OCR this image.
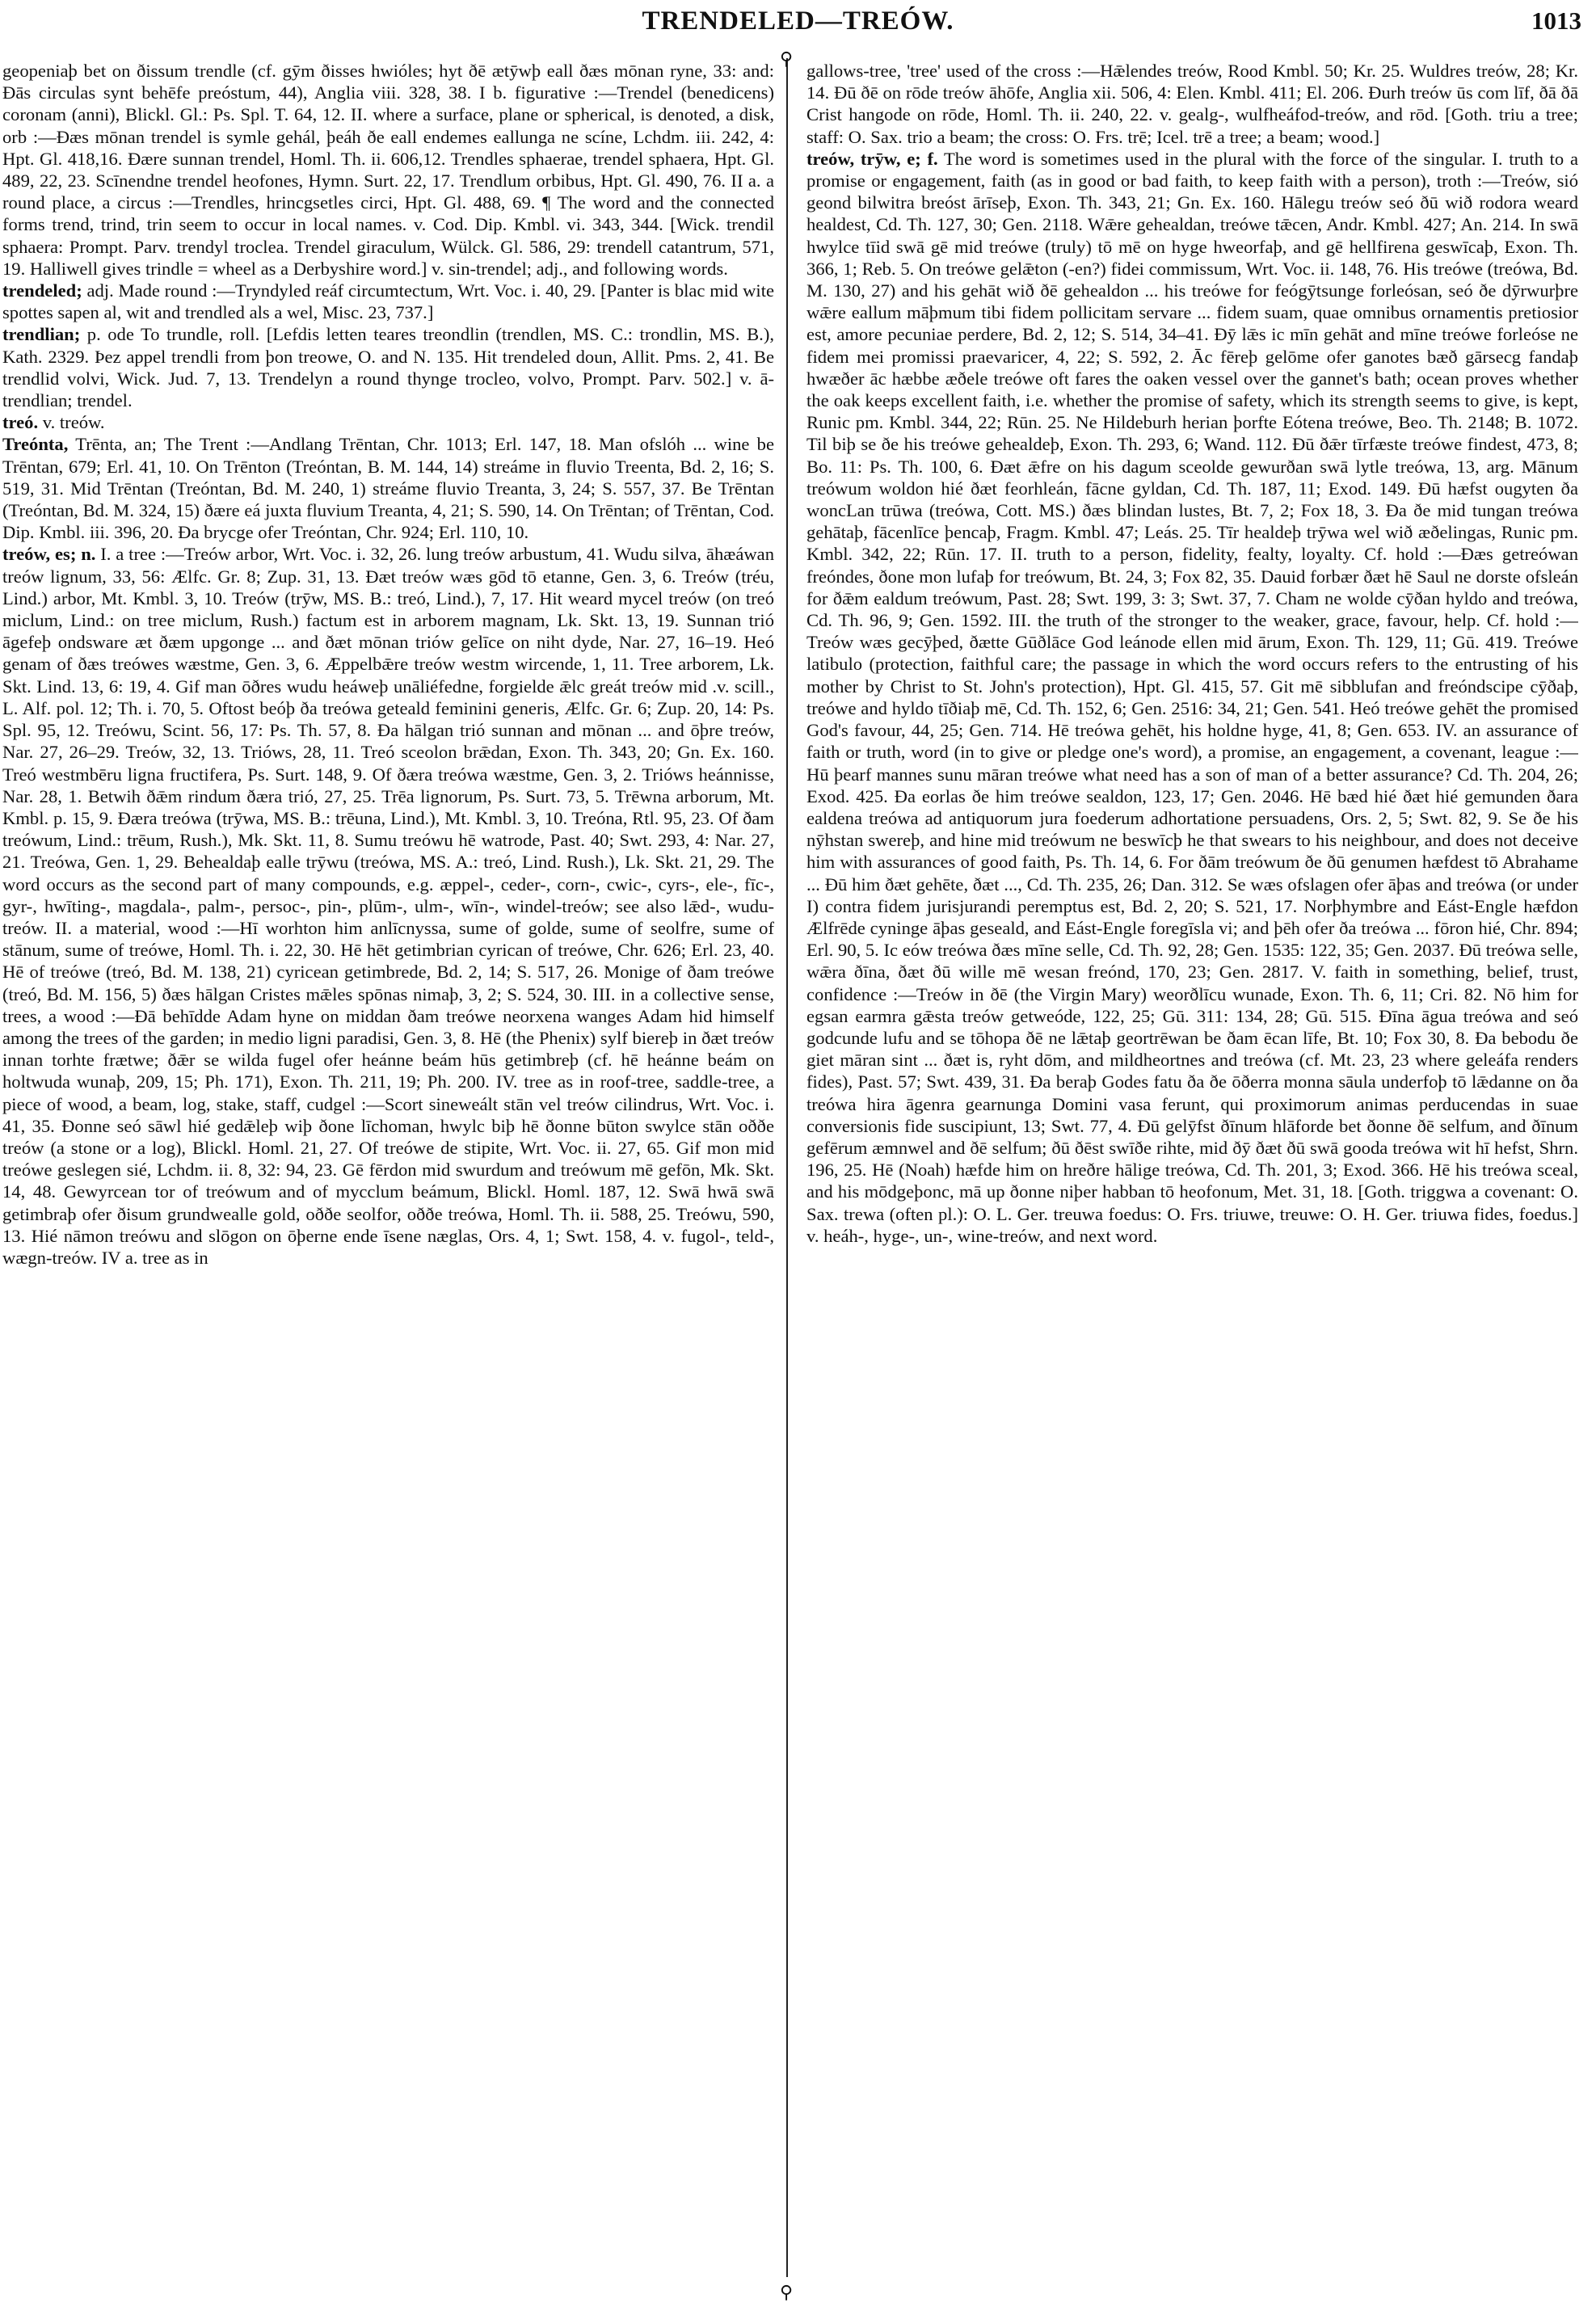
TRENDELED—TREÓW.	1013
⚲
⚲

geopeniaþ bet on ðissum trendle (cf. gȳm ðisses hwióles; hyt ðē ætȳwþ eall ðæs mōnan ryne, 33: and: Ðās circulas synt behēfe preóstum, 44), Anglia viii. 328, 38. I b. figurative :—Trendel (benedicens) coronam (anni), Blickl. Gl.: Ps. Spl. T. 64, 12. II. where a surface, plane or spherical, is denoted, a disk, orb :—Ðæs mōnan trendel is symle gehál, þeáh ðe eall endemes eallunga ne scíne, Lchdm. iii. 242, 4: Hpt. Gl. 418,16. Ðære sunnan trendel, Homl. Th. ii. 606,12. Trendles sphaerae, trendel sphaera, Hpt. Gl. 489, 22, 23. Scīnendne trendel heofones, Hymn. Surt. 22, 17. Trendlum orbibus, Hpt. Gl. 490, 76. II a. a round place, a circus :—Trendles, hrincgsetles circi, Hpt. Gl. 488, 69. ¶ The word and the connected forms trend, trind, trin seem to occur in local names. v. Cod. Dip. Kmbl. vi. 343, 344. [Wick. trendil sphaera: Prompt. Parv. trendyl troclea. Trendel giraculum, Wülck. Gl. 586, 29: trendell catantrum, 571, 19. Halliwell gives trindle = wheel as a Derbyshire word.] v. sin-trendel; adj., and following words.

trendeled; adj. Made round :—Tryndyled reáf circumtectum, Wrt. Voc. i. 40, 29. [Panter is blac mid wite spottes sapen al, wit and trendled als a wel, Misc. 23, 737.]

trendlian; p. ode To trundle, roll. [Lefdis letten teares treondlin (trendlen, MS. C.: trondlin, MS. B.), Kath. 2329. Þez appel trendli from þon treowe, O. and N. 135. Hit trendeled doun, Allit. Pms. 2, 41. Be trendlid volvi, Wick. Jud. 7, 13. Trendelyn a round thynge trocleo, volvo, Prompt. Parv. 502.] v. ā-trendlian; trendel.

treó. v. treów.

Treónta, Trēnta, an; The Trent :—Andlang Trēntan, Chr. 1013; Erl. 147, 18. Man ofslóh ... wine be Trēntan, 679; Erl. 41, 10. On Trēnton (Treóntan, B. M. 144, 14) streáme in fluvio Treenta, Bd. 2, 16; S. 519, 31. Mid Trēntan (Treóntan, Bd. M. 240, 1) streáme fluvio Treanta, 3, 24; S. 557, 37. Be Trēntan (Treóntan, Bd. M. 324, 15) ðære eá juxta fluvium Treanta, 4, 21; S. 590, 14. On Trēntan; of Trēntan, Cod. Dip. Kmbl. iii. 396, 20. Ða brycge ofer Treóntan, Chr. 924; Erl. 110, 10.

treów, es; n. I. a tree :—Treów arbor, Wrt. Voc. i. 32, 26. lung treów arbustum, 41. Wudu silva, āhæáwan treów lignum, 33, 56: Ælfc. Gr. 8; Zup. 31, 13. Ðæt treów wæs gōd tō etanne, Gen. 3, 6. Treów (tréu, Lind.) arbor, Mt. Kmbl. 3, 10. Treów (trȳw, MS. B.: treó, Lind.), 7, 17. Hit weard mycel treów (on treó miclum, Lind.: on tree miclum, Rush.) factum est in arborem magnam, Lk. Skt. 13, 19. Sunnan trió āgefeþ ondsware æt ðæm upgonge ... and ðæt mōnan triów gelīce on niht dyde, Nar. 27, 16–19. Heó genam of ðæs treówes wæstme, Gen. 3, 6. Æppelbǣre treów westm wircende, 1, 11. Tree arborem, Lk. Skt. Lind. 13, 6: 19, 4. Gif man ōðres wudu heáweþ unāliéfedne, forgielde ǣlc greát treów mid .v. scill., L. Alf. pol. 12; Th. i. 70, 5. Oftost beóþ ða treówa geteald feminini generis, Ælfc. Gr. 6; Zup. 20, 14: Ps. Spl. 95, 12. Treówu, Scint. 56, 17: Ps. Th. 57, 8. Ða hālgan trió sunnan and mōnan ... and ōþre treów, Nar. 27, 26–29. Treów, 32, 13. Trióws, 28, 11. Treó sceolon brǣdan, Exon. Th. 343, 20; Gn. Ex. 160. Treó westmbēru ligna fructifera, Ps. Surt. 148, 9. Of ðæra treówa wæstme, Gen. 3, 2. Trióws heánnisse, Nar. 28, 1. Betwih ðǣm rindum ðæra trió, 27, 25. Trēa lignorum, Ps. Surt. 73, 5. Trēwna arborum, Mt. Kmbl. p. 15, 9. Ðæra treówa (trȳwa, MS. B.: trēuna, Lind.), Mt. Kmbl. 3, 10. Treóna, Rtl. 95, 23. Of ðam treówum, Lind.: trēum, Rush.), Mk. Skt. 11, 8. Sumu treówu hē watrode, Past. 40; Swt. 293, 4: Nar. 27, 21. Treówa, Gen. 1, 29. Behealdaþ ealle trȳwu (treówa, MS. A.: treó, Lind. Rush.), Lk. Skt. 21, 29. The word occurs as the second part of many compounds, e.g. æppel-, ceder-, corn-, cwic-, cyrs-, ele-, fīc-, gyr-, hwīting-, magdala-, palm-, persoc-, pin-, plūm-, ulm-, wīn-, windel-treów; see also lǣd-, wudu-treów. II. a material, wood :—Hī worhton him anlīcnyssa, sume of golde, sume of seolfre, sume of stānum, sume of treówe, Homl. Th. i. 22, 30. Hē hēt getimbrian cyrican of treówe, Chr. 626; Erl. 23, 40. Hē of treówe (treó, Bd. M. 138, 21) cyricean getimbrede, Bd. 2, 14; S. 517, 26. Monige of ðam treówe (treó, Bd. M. 156, 5) ðæs hālgan Cristes mǣles spōnas nimaþ, 3, 2; S. 524, 30. III. in a collective sense, trees, a wood :—Ðā behīdde Adam hyne on middan ðam treówe neorxena wanges Adam hid himself among the trees of the garden; in medio ligni paradisi, Gen. 3, 8. Hē (the Phenix) sylf biereþ in ðæt treów innan torhte frætwe; ðǣr se wilda fugel ofer heánne beám hūs getimbreþ (cf. hē heánne beám on holtwuda wunaþ, 209, 15; Ph. 171), Exon. Th. 211, 19; Ph. 200. IV. tree as in roof-tree, saddle-tree, a piece of wood, a beam, log, stake, staff, cudgel :—Scort sineweált stān vel treów cilindrus, Wrt. Voc. i. 41, 35. Ðonne seó sāwl hié gedǣleþ wiþ ðone līchoman, hwylc biþ hē ðonne būton swylce stān oððe treów (a stone or a log), Blickl. Homl. 21, 27. Of treówe de stipite, Wrt. Voc. ii. 27, 65. Gif mon mid treówe geslegen sié, Lchdm. ii. 8, 32: 94, 23. Gē fērdon mid swurdum and treówum mē gefōn, Mk. Skt. 14, 48. Gewyrcean tor of treówum and of mycclum beámum, Blickl. Homl. 187, 12. Swā hwā swā getimbraþ ofer ðisum grundwealle gold, oððe seolfor, oððe treówa, Homl. Th. ii. 588, 25. Treówu, 590, 13. Hié nāmon treówu and slōgon on ōþerne ende īsene næglas, Ors. 4, 1; Swt. 158, 4. v. fugol-, teld-, wægn-treów. IV a. tree as in

gallows-tree, 'tree' used of the cross :—Hǣlendes treów, Rood Kmbl. 50; Kr. 25. Wuldres treów, 28; Kr. 14. Ðū ðē on rōde treów āhōfe, Anglia xii. 506, 4: Elen. Kmbl. 411; El. 206. Ðurh treów ūs com līf, ðā ðā Crist hangode on rōde, Homl. Th. ii. 240, 22. v. gealg-, wulfheáfod-treów, and rōd. [Goth. triu a tree; staff: O. Sax. trio a beam; the cross: O. Frs. trē; Icel. trē a tree; a beam; wood.]

treów, trȳw, e; f. The word is sometimes used in the plural with the force of the singular. I. truth to a promise or engagement, faith (as in good or bad faith, to keep faith with a person), troth :—Treów, sió geond bilwitra breóst ārīseþ, Exon. Th. 343, 21; Gn. Ex. 160. Hālegu treów seó ðū wið rodora weard healdest, Cd. Th. 127, 30; Gen. 2118. Wǣre gehealdan, treówe tǣcen, Andr. Kmbl. 427; An. 214. In swā hwylce tīid swā gē mid treówe (truly) tō mē on hyge hweorfaþ, and gē hellfirena geswīcaþ, Exon. Th. 366, 1; Reb. 5. On treówe gelǣton (-en?) fidei commissum, Wrt. Voc. ii. 148, 76. His treówe (treówa, Bd. M. 130, 27) and his gehāt wið ðē gehealdon ... his treówe for feógȳtsunge forleósan, seó ðe dȳrwurþre wǣre eallum māþmum tibi fidem pollicitam servare ... fidem suam, quae omnibus ornamentis pretiosior est, amore pecuniae perdere, Bd. 2, 12; S. 514, 34–41. Ðȳ lǣs ic mīn gehāt and mīne treówe forleóse ne fidem mei promissi praevaricer, 4, 22; S. 592, 2. Āc fēreþ gelōme ofer ganotes bæð gārsecg fandaþ hwæðer āc hæbbe æðele treówe oft fares the oaken vessel over the gannet's bath; ocean proves whether the oak keeps excellent faith, i.e. whether the promise of safety, which its strength seems to give, is kept, Runic pm. Kmbl. 344, 22; Rūn. 25. Ne Hildeburh herian þorfte Eótena treówe, Beo. Th. 2148; B. 1072. Til biþ se ðe his treówe gehealdeþ, Exon. Th. 293, 6; Wand. 112. Ðū ðǣr tīrfæste treówe findest, 473, 8; Bo. 11: Ps. Th. 100, 6. Ðæt ǣfre on his dagum sceolde gewurðan swā lytle treówa, 13, arg. Mānum treówum woldon hié ðæt feorhleán, fācne gyldan, Cd. Th. 187, 11; Exod. 149. Ðū hæfst ougyten ða woncLan trūwa (treówa, Cott. MS.) ðæs blindan lustes, Bt. 7, 2; Fox 18, 3. Ða ðe mid tungan treówa gehātaþ, fācenlīce þencaþ, Fragm. Kmbl. 47; Leás. 25. Tīr healdeþ trȳwa wel wið æðelingas, Runic pm. Kmbl. 342, 22; Rūn. 17. II. truth to a person, fidelity, fealty, loyalty. Cf. hold :—Ðæs getreówan freóndes, ðone mon lufaþ for treówum, Bt. 24, 3; Fox 82, 35. Dauid forbær ðæt hē Saul ne dorste ofsleán for ðǣm ealdum treówum, Past. 28; Swt. 199, 3: 3; Swt. 37, 7. Cham ne wolde cȳðan hyldo and treówa, Cd. Th. 96, 9; Gen. 1592. III. the truth of the stronger to the weaker, grace, favour, help. Cf. hold :—Treów wæs gecȳþed, ðætte Gūðlāce God leánode ellen mid ārum, Exon. Th. 129, 11; Gū. 419. Treówe latibulo (protection, faithful care; the passage in which the word occurs refers to the entrusting of his mother by Christ to St. John's protection), Hpt. Gl. 415, 57. Git mē sibblufan and freóndscipe cȳðaþ, treówe and hyldo tīðiaþ mē, Cd. Th. 152, 6; Gen. 2516: 34, 21; Gen. 541. Heó treówe gehēt the promised God's favour, 44, 25; Gen. 714. Hē treówa gehēt, his holdne hyge, 41, 8; Gen. 653. IV. an assurance of faith or truth, word (in to give or pledge one's word), a promise, an engagement, a covenant, league :—Hū þearf mannes sunu māran treówe what need has a son of man of a better assurance? Cd. Th. 204, 26; Exod. 425. Ða eorlas ðe him treówe sealdon, 123, 17; Gen. 2046. Hē bæd hié ðæt hié gemunden ðara ealdena treówa ad antiquorum jura foederum adhortatione persuadens, Ors. 2, 5; Swt. 82, 9. Se ðe his nȳhstan swereþ, and hine mid treówum ne beswīcþ he that swears to his neighbour, and does not deceive him with assurances of good faith, Ps. Th. 14, 6. For ðām treówum ðe ðū genumen hæfdest tō Abrahame ... Ðū him ðæt gehēte, ðæt ..., Cd. Th. 235, 26; Dan. 312. Se wæs ofslagen ofer āþas and treówa (or under I) contra fidem jurisjurandi peremptus est, Bd. 2, 20; S. 521, 17. Norþhymbre and Eást-Engle hæfdon Ælfrēde cyninge āþas geseald, and Eást-Engle foregīsla vi; and þēh ofer ða treówa ... fōron hié, Chr. 894; Erl. 90, 5. Ic eów treówa ðæs mīne selle, Cd. Th. 92, 28; Gen. 1535: 122, 35; Gen. 2037. Ðū treówa selle, wǣra ðīna, ðæt ðū wille mē wesan freónd, 170, 23; Gen. 2817. V. faith in something, belief, trust, confidence :—Treów in ðē (the Virgin Mary) weorðlīcu wunade, Exon. Th. 6, 11; Cri. 82. Nō him for egsan earmra gǣsta treów getweóde, 122, 25; Gū. 311: 134, 28; Gū. 515. Ðīna āgua treówa and seó godcunde lufu and se tōhopa ðē ne lǣtaþ geortrēwan be ðam ēcan līfe, Bt. 10; Fox 30, 8. Ða bebodu ðe giet māran sint ... ðæt is, ryht dōm, and mildheortnes and treówa (cf. Mt. 23, 23 where geleáfa renders fides), Past. 57; Swt. 439, 31. Ða beraþ Godes fatu ða ðe ōðerra monna sāula underfoþ tō lǣdanne on ða treówa hira āgenra gearnunga Domini vasa ferunt, qui proximorum animas perducendas in suae conversionis fide suscipiunt, 13; Swt. 77, 4. Ðū gelȳfst ðīnum hlāforde bet ðonne ðē selfum, and ðīnum gefērum æmnwel and ðē selfum; ðū ðēst swīðe rihte, mid ðȳ ðæt ðū swā gooda treówa wit hī hefst, Shrn. 196, 25. Hē (Noah) hæfde him on hreðre hālige treówa, Cd. Th. 201, 3; Exod. 366. Hē his treówa sceal, and his mōdgeþonc, mā up ðonne niþer habban tō heofonum, Met. 31, 18. [Goth. triggwa a covenant: O. Sax. trewa (often pl.): O. L. Ger. treuwa foedus: O. Frs. triuwe, treuwe: O. H. Ger. triuwa fides, foedus.] v. heáh-, hyge-, un-, wine-treów, and next word.
